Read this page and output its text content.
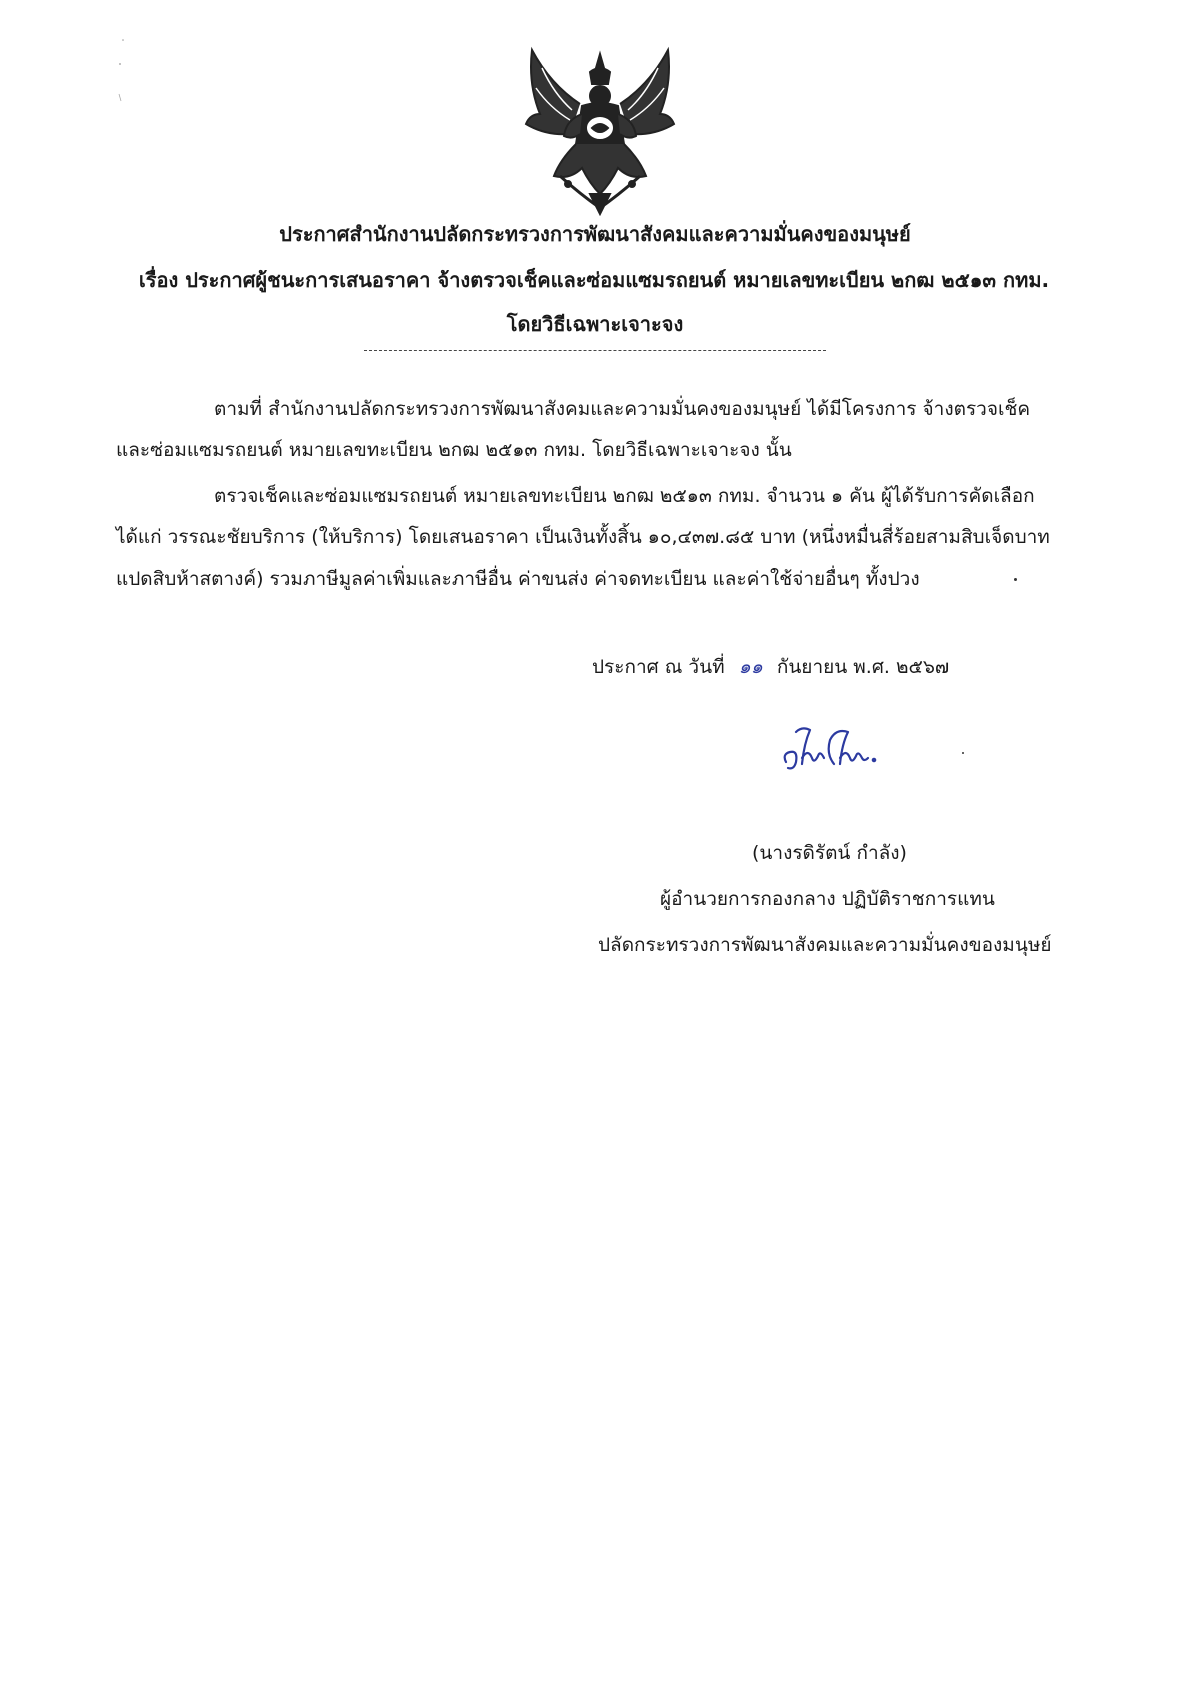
ประกาศสำนักงานปลัดกระทรวงการพัฒนาสังคมและความมั่นคงของมนุษย์
เรื่อง ประกาศผู้ชนะการเสนอราคา จ้างตรวจเช็คและซ่อมแซมรถยนต์ หมายเลขทะเบียน ๒กฒ ๒๕๑๓ กทม.
โดยวิธีเฉพาะเจาะจง
ตามที่ สำนักงานปลัดกระทรวงการพัฒนาสังคมและความมั่นคงของมนุษย์ ได้มีโครงการ จ้างตรวจเช็ค
และซ่อมแซมรถยนต์ หมายเลขทะเบียน ๒กฒ ๒๕๑๓ กทม. โดยวิธีเฉพาะเจาะจง นั้น
ตรวจเช็คและซ่อมแซมรถยนต์ หมายเลขทะเบียน ๒กฒ ๒๕๑๓ กทม. จำนวน ๑ คัน ผู้ได้รับการคัดเลือก
ได้แก่ วรรณะชัยบริการ (ให้บริการ) โดยเสนอราคา เป็นเงินทั้งสิ้น ๑๐,๔๓๗.๘๕ บาท (หนึ่งหมื่นสี่ร้อยสามสิบเจ็ดบาท
แปดสิบห้าสตางค์) รวมภาษีมูลค่าเพิ่มและภาษีอื่น ค่าขนส่ง ค่าจดทะเบียน และค่าใช้จ่ายอื่นๆ ทั้งปวง
ประกาศ ณ วันที่ ๑๑ กันยายน พ.ศ. ๒๕๖๗
(นางรดิรัตน์ กำลัง)
ผู้อำนวยการกองกลาง ปฏิบัติราชการแทน
ปลัดกระทรวงการพัฒนาสังคมและความมั่นคงของมนุษย์
